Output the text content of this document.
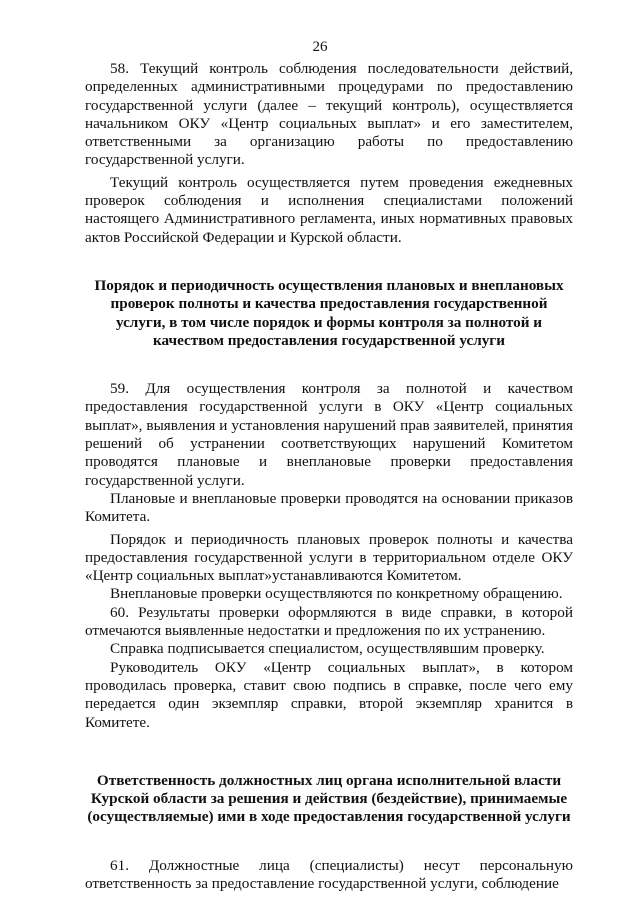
26

58. Текущий контроль соблюдения последовательности действий, определенных административными процедурами по предоставлению государственной услуги (далее – текущий контроль), осуществляется начальником ОКУ «Центр социальных выплат» и его заместителем, ответственными за организацию работы по предоставлению государственной услуги.

Текущий контроль осуществляется путем проведения ежедневных проверок соблюдения и исполнения специалистами положений настоящего Административного регламента, иных нормативных правовых актов Российской Федерации и Курской области.

Порядок и периодичность осуществления плановых и внеплановых проверок полноты и качества предоставления государственной услуги, в том числе порядок и формы контроля за полнотой и качеством предоставления государственной услуги

59. Для осуществления контроля за полнотой и качеством предоставления государственной услуги в ОКУ «Центр социальных выплат», выявления и установления нарушений прав заявителей, принятия решений об устранении соответствующих нарушений Комитетом проводятся плановые и внеплановые проверки предоставления государственной услуги.

Плановые и внеплановые проверки проводятся на основании приказов Комитета.

Порядок и периодичность плановых проверок полноты и качества предоставления государственной услуги в территориальном отделе ОКУ «Центр социальных выплат»устанавливаются Комитетом.

Внеплановые проверки осуществляются по конкретному обращению.

60. Результаты проверки оформляются в виде справки, в которой отмечаются выявленные недостатки и предложения по их устранению.

Справка подписывается специалистом, осуществлявшим проверку.

Руководитель ОКУ «Центр социальных выплат», в котором проводилась проверка, ставит свою подпись в справке, после чего ему передается один экземпляр справки, второй экземпляр хранится в Комитете.

Ответственность должностных лиц органа исполнительной власти Курской области за решения и действия (бездействие), принимаемые (осуществляемые) ими в ходе предоставления государственной услуги

61. Должностные лица (специалисты) несут персональную ответственность за предоставление государственной услуги, соблюдение
